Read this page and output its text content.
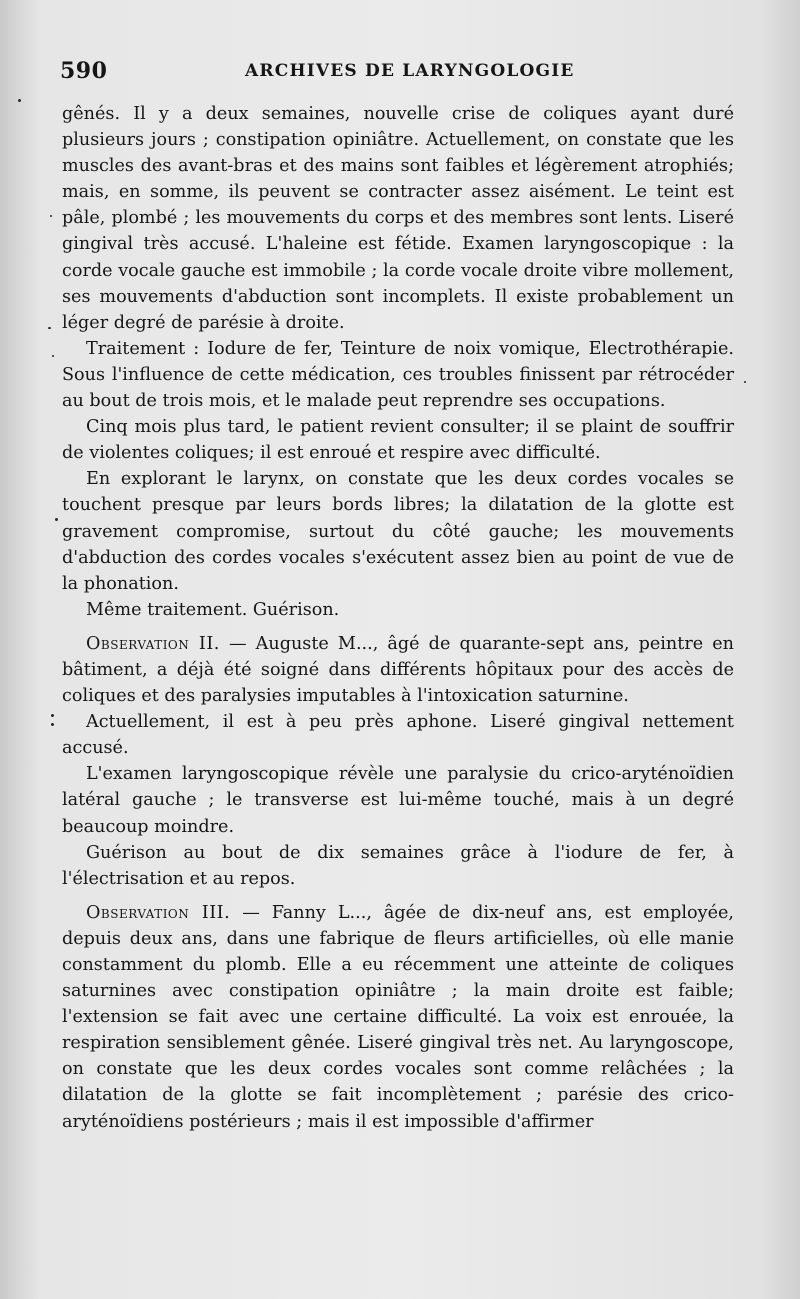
590	ARCHIVES DE LARYNGOLOGIE

gênés. Il y a deux semaines, nouvelle crise de coliques ayant duré plusieurs jours ; constipation opiniâtre. Actuellement, on constate que les muscles des avant-bras et des mains sont faibles et légèrement atrophiés; mais, en somme, ils peuvent se contracter assez aisément. Le teint est pâle, plombé ; les mouvements du corps et des membres sont lents. Liseré gingival très accusé. L'haleine est fétide. Examen laryngoscopique : la corde vocale gauche est immobile ; la corde vocale droite vibre mollement, ses mouvements d'abduction sont incomplets. Il existe probablement un léger degré de parésie à droite.

Traitement : Iodure de fer, Teinture de noix vomique, Electrothérapie. Sous l'influence de cette médication, ces troubles finissent par rétrocéder au bout de trois mois, et le malade peut reprendre ses occupations.

Cinq mois plus tard, le patient revient consulter; il se plaint de souffrir de violentes coliques; il est enroué et respire avec difficulté.

En explorant le larynx, on constate que les deux cordes vocales se touchent presque par leurs bords libres; la dilatation de la glotte est gravement compromise, surtout du côté gauche; les mouvements d'abduction des cordes vocales s'exécutent assez bien au point de vue de la phonation.

Même traitement. Guérison.

Observation II. — Auguste M..., âgé de quarante-sept ans, peintre en bâtiment, a déjà été soigné dans différents hôpitaux pour des accès de coliques et des paralysies imputables à l'intoxication saturnine.

Actuellement, il est à peu près aphone. Liseré gingival nettement accusé.

L'examen laryngoscopique révèle une paralysie du crico-aryténoïdien latéral gauche ; le transverse est lui-même touché, mais à un degré beaucoup moindre.

Guérison au bout de dix semaines grâce à l'iodure de fer, à l'électrisation et au repos.

Observation III. — Fanny L..., âgée de dix-neuf ans, est employée, depuis deux ans, dans une fabrique de fleurs artificielles, où elle manie constamment du plomb. Elle a eu récemment une atteinte de coliques saturnines avec constipation opiniâtre ; la main droite est faible; l'extension se fait avec une certaine difficulté. La voix est enrouée, la respiration sensiblement gênée. Liseré gingival très net. Au laryngoscope, on constate que les deux cordes vocales sont comme relâchées ; la dilatation de la glotte se fait incomplètement ; parésie des crico-aryténoïdiens postérieurs ; mais il est impossible d'affirmer
